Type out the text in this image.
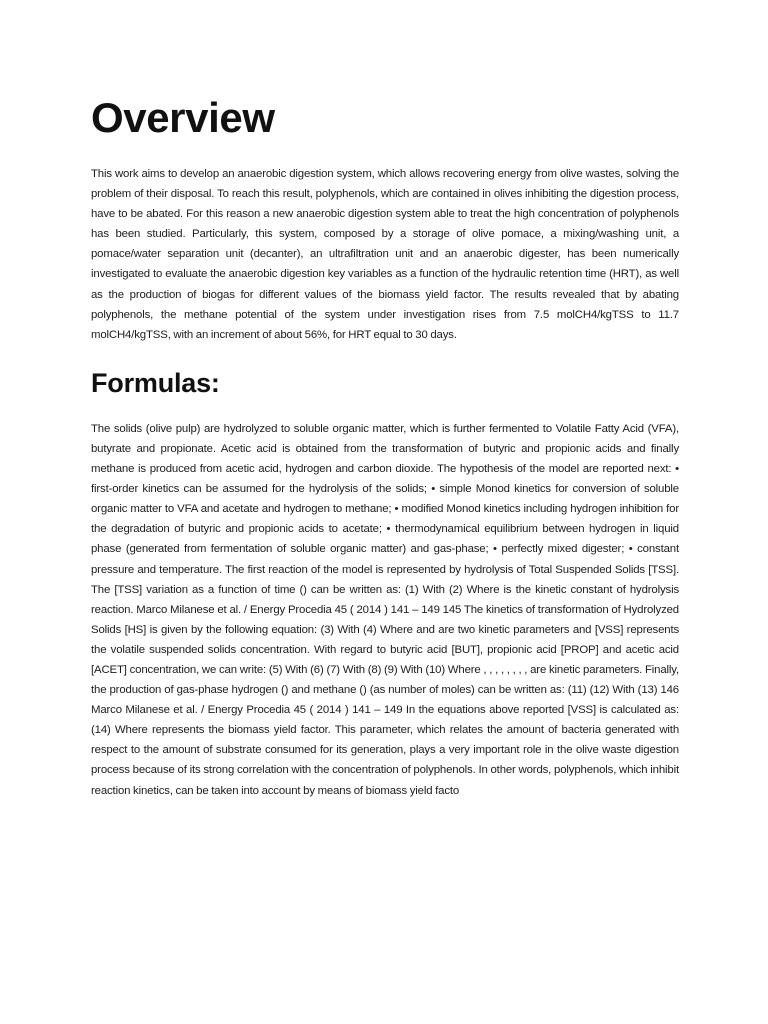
Overview

This work aims to develop an anaerobic digestion system, which allows recovering energy from olive wastes, solving the problem of their disposal. To reach this result, polyphenols, which are contained in olives inhibiting the digestion process, have to be abated. For this reason a new anaerobic digestion system able to treat the high concentration of polyphenols has been studied. Particularly, this system, composed by a storage of olive pomace, a mixing/washing unit, a pomace/water separation unit (decanter), an ultrafiltration unit and an anaerobic digester, has been numerically investigated to evaluate the anaerobic digestion key variables as a function of the hydraulic retention time (HRT), as well as the production of biogas for different values of the biomass yield factor. The results revealed that by abating polyphenols, the methane potential of the system under investigation rises from 7.5 molCH4/kgTSS to 11.7 molCH4/kgTSS, with an increment of about 56%, for HRT equal to 30 days.

Formulas:

The solids (olive pulp) are hydrolyzed to soluble organic matter, which is further fermented to Volatile Fatty Acid (VFA), butyrate and propionate. Acetic acid is obtained from the transformation of butyric and propionic acids and finally methane is produced from acetic acid, hydrogen and carbon dioxide. The hypothesis of the model are reported next: • first-order kinetics can be assumed for the hydrolysis of the solids; • simple Monod kinetics for conversion of soluble organic matter to VFA and acetate and hydrogen to methane; • modified Monod kinetics including hydrogen inhibition for the degradation of butyric and propionic acids to acetate; • thermodynamical equilibrium between hydrogen in liquid phase (generated from fermentation of soluble organic matter) and gas-phase; • perfectly mixed digester; • constant pressure and temperature. The first reaction of the model is represented by hydrolysis of Total Suspended Solids [TSS]. The [TSS] variation as a function of time () can be written as: (1) With (2) Where is the kinetic constant of hydrolysis reaction. Marco Milanese et al. / Energy Procedia 45 ( 2014 ) 141 – 149 145 The kinetics of transformation of Hydrolyzed Solids [HS] is given by the following equation: (3) With (4) Where and are two kinetic parameters and [VSS] represents the volatile suspended solids concentration. With regard to butyric acid [BUT], propionic acid [PROP] and acetic acid [ACET] concentration, we can write: (5) With (6) (7) With (8) (9) With (10) Where , , , , , , , , are kinetic parameters. Finally, the production of gas-phase hydrogen () and methane () (as number of moles) can be written as: (11) (12) With (13) 146 Marco Milanese et al. / Energy Procedia 45 ( 2014 ) 141 – 149 In the equations above reported [VSS] is calculated as: (14) Where represents the biomass yield factor. This parameter, which relates the amount of bacteria generated with respect to the amount of substrate consumed for its generation, plays a very important role in the olive waste digestion process because of its strong correlation with the concentration of polyphenols. In other words, polyphenols, which inhibit reaction kinetics, can be taken into account by means of biomass yield facto
